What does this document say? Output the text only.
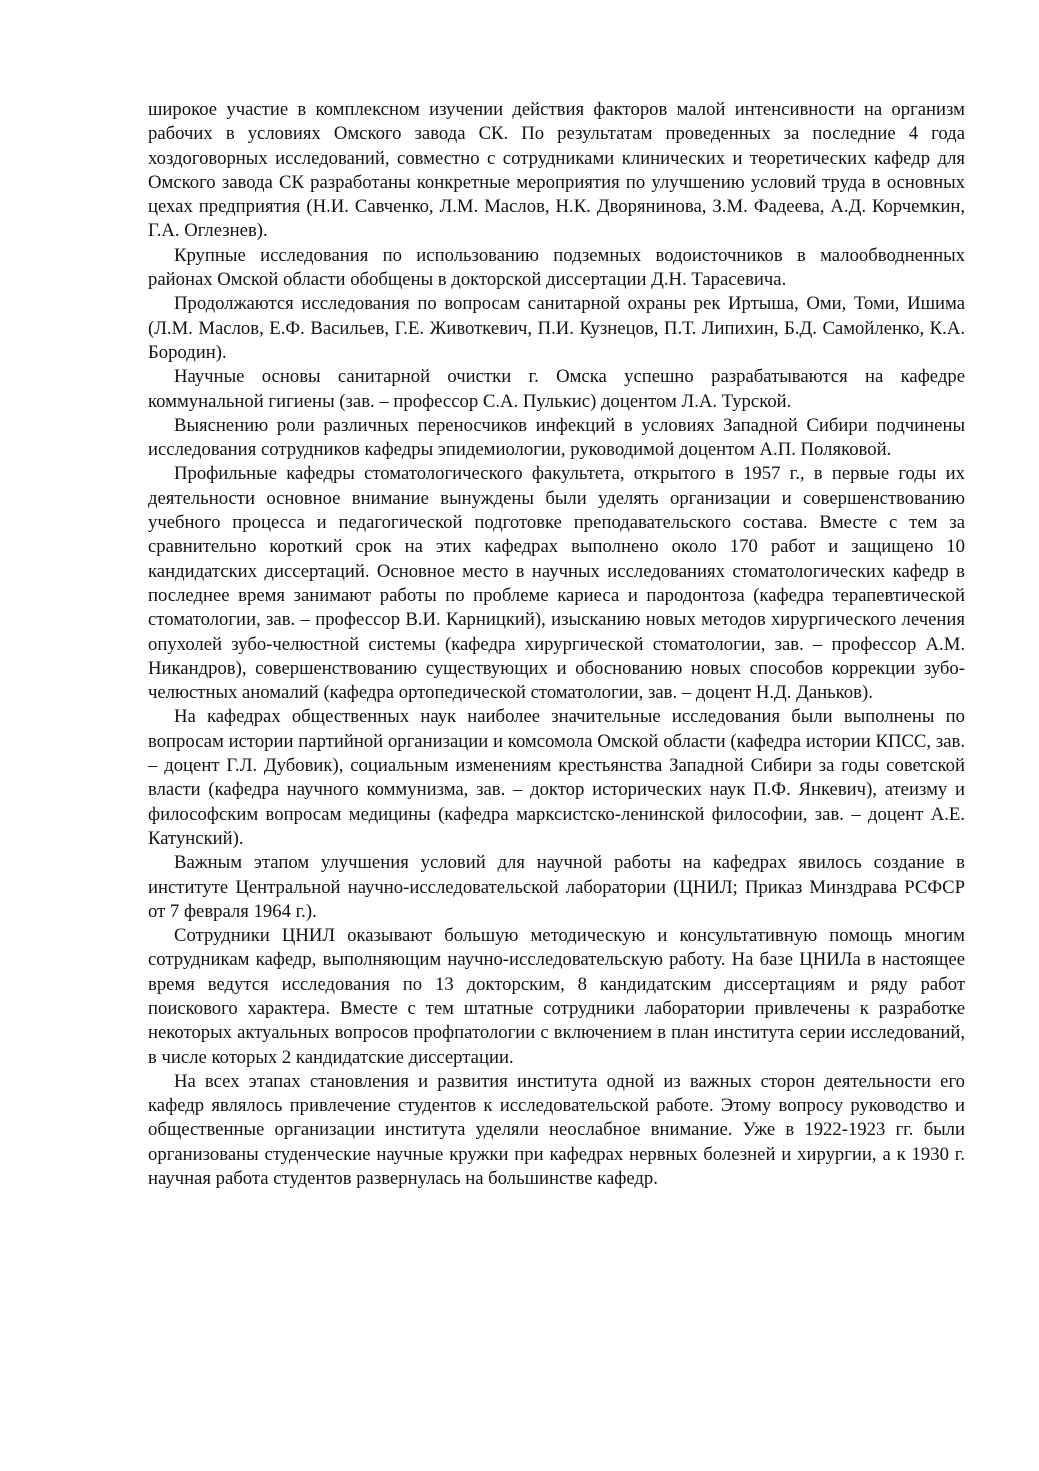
широкое участие в комплексном изучении действия факторов малой интенсивности на организм рабочих в условиях Омского завода СК. По результатам проведенных за последние 4 года хоздоговорных исследований, совместно с сотрудниками клинических и теоретических кафедр для Омского завода СК разработаны конкретные мероприятия по улучшению условий труда в основных цехах предприятия (Н.И. Савченко, Л.М. Маслов, Н.К. Дворянинова, З.М. Фадеева, А.Д. Корчемкин, Г.А. Оглезнев).

Крупные исследования по использованию подземных водоисточников в малообводненных районах Омской области обобщены в докторской диссертации Д.Н. Тарасевича.

Продолжаются исследования по вопросам санитарной охраны рек Иртыша, Оми, Томи, Ишима (Л.М. Маслов, Е.Ф. Васильев, Г.Е. Животкевич, П.И. Кузнецов, П.Т. Липихин, Б.Д. Самойленко, К.А. Бородин).

Научные основы санитарной очистки г. Омска успешно разрабатываются на кафедре коммунальной гигиены (зав. – профессор С.А. Пулькис) доцентом Л.А. Турской.

Выяснению роли различных переносчиков инфекций в условиях Западной Сибири подчинены исследования сотрудников кафедры эпидемиологии, руководимой доцентом А.П. Поляковой.

Профильные кафедры стоматологического факультета, открытого в 1957 г., в первые годы их деятельности основное внимание вынуждены были уделять организации и совершенствованию учебного процесса и педагогической подготовке преподавательского состава. Вместе с тем за сравнительно короткий срок на этих кафедрах выполнено около 170 работ и защищено 10 кандидатских диссертаций. Основное место в научных исследованиях стоматологических кафедр в последнее время занимают работы по проблеме кариеса и пародонтоза (кафедра терапевтической стоматологии, зав. – профессор В.И. Карницкий), изысканию новых методов хирургического лечения опухолей зубо-челюстной системы (кафедра хирургической стоматологии, зав. – профессор А.М. Никандров), совершенствованию существующих и обоснованию новых способов коррекции зубо-челюстных аномалий (кафедра ортопедической стоматологии, зав. – доцент Н.Д. Даньков).

На кафедрах общественных наук наиболее значительные исследования были выполнены по вопросам истории партийной организации и комсомола Омской области (кафедра истории КПСС, зав. – доцент Г.Л. Дубовик), социальным изменениям крестьянства Западной Сибири за годы советской власти (кафедра научного коммунизма, зав. – доктор исторических наук П.Ф. Янкевич), атеизму и философским вопросам медицины (кафедра марксистско-ленинской философии, зав. – доцент А.Е. Катунский).

Важным этапом улучшения условий для научной работы на кафедрах явилось создание в институте Центральной научно-исследовательской лаборатории (ЦНИЛ; Приказ Минздрава РСФСР от 7 февраля 1964 г.).

Сотрудники ЦНИЛ оказывают большую методическую и консультативную помощь многим сотрудникам кафедр, выполняющим научно-исследовательскую работу. На базе ЦНИЛа в настоящее время ведутся исследования по 13 докторским, 8 кандидатским диссертациям и ряду работ поискового характера. Вместе с тем штатные сотрудники лаборатории привлечены к разработке некоторых актуальных вопросов профпатологии с включением в план института серии исследований, в числе которых 2 кандидатские диссертации.

На всех этапах становления и развития института одной из важных сторон деятельности его кафедр являлось привлечение студентов к исследовательской работе. Этому вопросу руководство и общественные организации института уделяли неослабное внимание. Уже в 1922-1923 гг. были организованы студенческие научные кружки при кафедрах нервных болезней и хирургии, а к 1930 г. научная работа студентов развернулась на большинстве кафедр.
